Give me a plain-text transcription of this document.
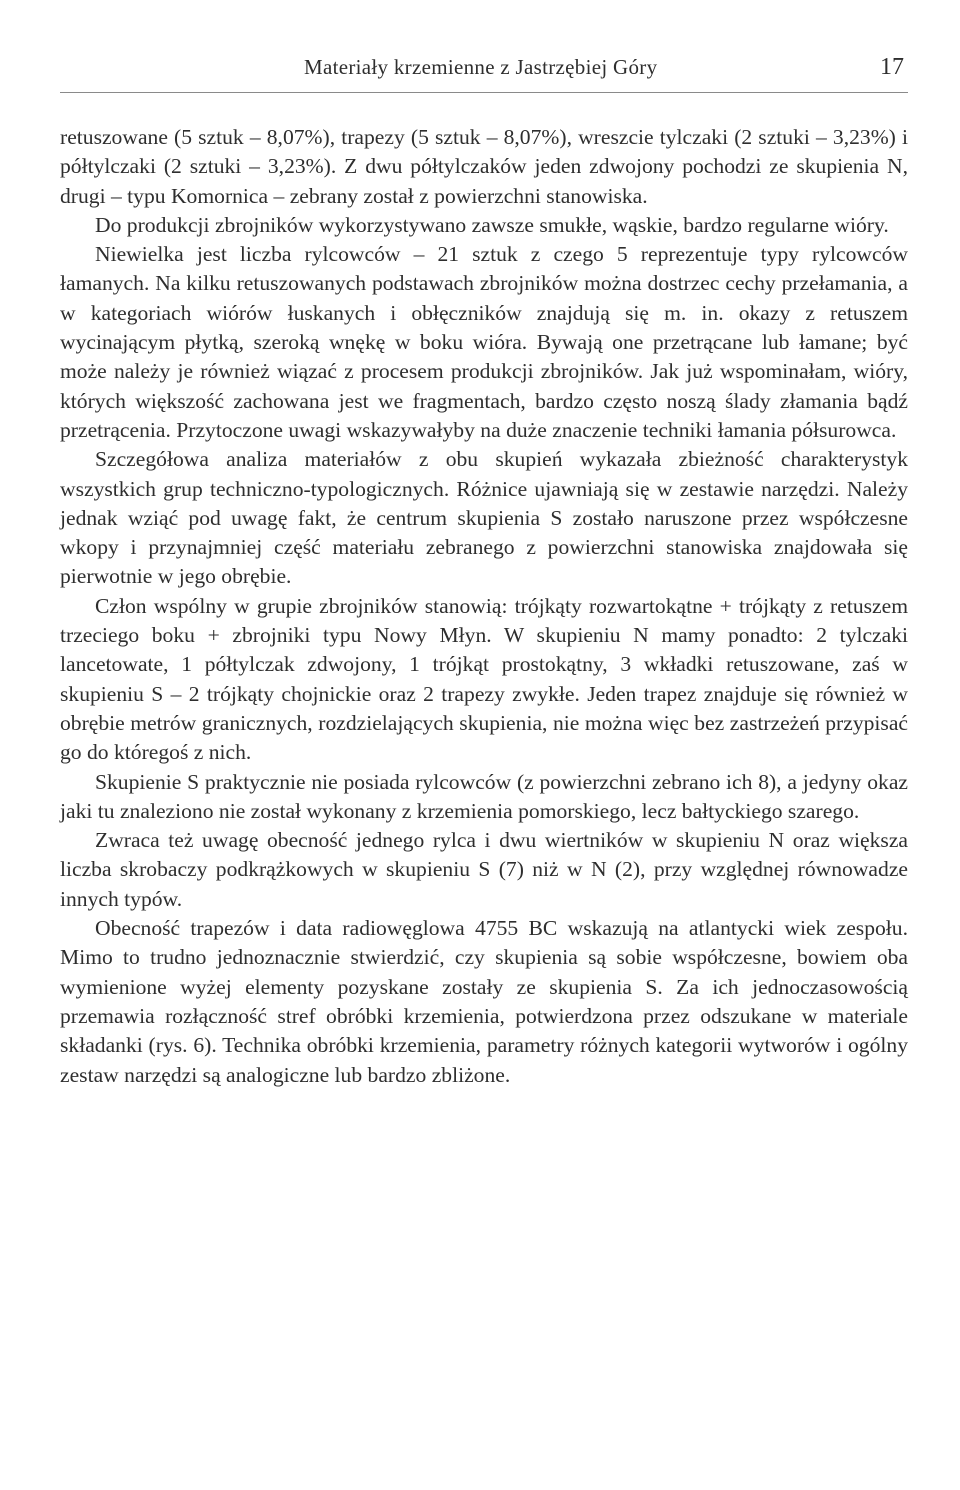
Materiały krzemienne z Jastrzębiej Góry	17

retuszowane (5 sztuk – 8,07%), trapezy (5 sztuk – 8,07%), wreszcie tylczaki (2 sztuki – 3,23%) i półtylczaki (2 sztuki – 3,23%). Z dwu półtylczaków jeden zdwojony pochodzi ze skupienia N, drugi – typu Komornica – zebrany został z powierzchni stanowiska.

Do produkcji zbrojników wykorzystywano zawsze smukłe, wąskie, bardzo regularne wióry.

Niewielka jest liczba rylcowców – 21 sztuk z czego 5 reprezentuje typy rylcowców łamanych. Na kilku retuszowanych podstawach zbrojników można dostrzec cechy przełamania, a w kategoriach wiórów łuskanych i obłęczników znajdują się m. in. okazy z retuszem wycinającym płytką, szeroką wnękę w boku wióra. Bywają one przetrącane lub łamane; być może należy je również wiązać z procesem produkcji zbrojników. Jak już wspominałam, wióry, których większość zachowana jest we fragmentach, bardzo często noszą ślady złamania bądź przetrącenia. Przytoczone uwagi wskazywałyby na duże znaczenie techniki łamania półsurowca.

Szczegółowa analiza materiałów z obu skupień wykazała zbieżność charakterystyk wszystkich grup techniczno-typologicznych. Różnice ujawniają się w zestawie narzędzi. Należy jednak wziąć pod uwagę fakt, że centrum skupienia S zostało naruszone przez współczesne wkopy i przynajmniej część materiału zebranego z powierzchni stanowiska znajdowała się pierwotnie w jego obrębie.

Człon wspólny w grupie zbrojników stanowią: trójkąty rozwartokątne + trójkąty z retuszem trzeciego boku + zbrojniki typu Nowy Młyn. W skupieniu N mamy ponadto: 2 tylczaki lancetowate, 1 półtylczak zdwojony, 1 trójkąt prostokątny, 3 wkładki retuszowane, zaś w skupieniu S – 2 trójkąty chojnickie oraz 2 trapezy zwykłe. Jeden trapez znajduje się również w obrębie metrów granicznych, rozdzielających skupienia, nie można więc bez zastrzeżeń przypisać go do któregoś z nich.

Skupienie S praktycznie nie posiada rylcowców (z powierzchni zebrano ich 8), a jedyny okaz jaki tu znaleziono nie został wykonany z krzemienia pomorskiego, lecz bałtyckiego szarego.

Zwraca też uwagę obecność jednego rylca i dwu wiertników w skupieniu N oraz większa liczba skrobaczy podkrążkowych w skupieniu S (7) niż w N (2), przy względnej równowadze innych typów.

Obecność trapezów i data radiowęglowa 4755 BC wskazują na atlantycki wiek zespołu. Mimo to trudno jednoznacznie stwierdzić, czy skupienia są sobie współczesne, bowiem oba wymienione wyżej elementy pozyskane zostały ze skupienia S. Za ich jednoczasowością przemawia rozłączność stref obróbki krzemienia, potwierdzona przez odszukane w materiale składanki (rys. 6). Technika obróbki krzemienia, parametry różnych kategorii wytworów i ogólny zestaw narzędzi są analogiczne lub bardzo zbliżone.
